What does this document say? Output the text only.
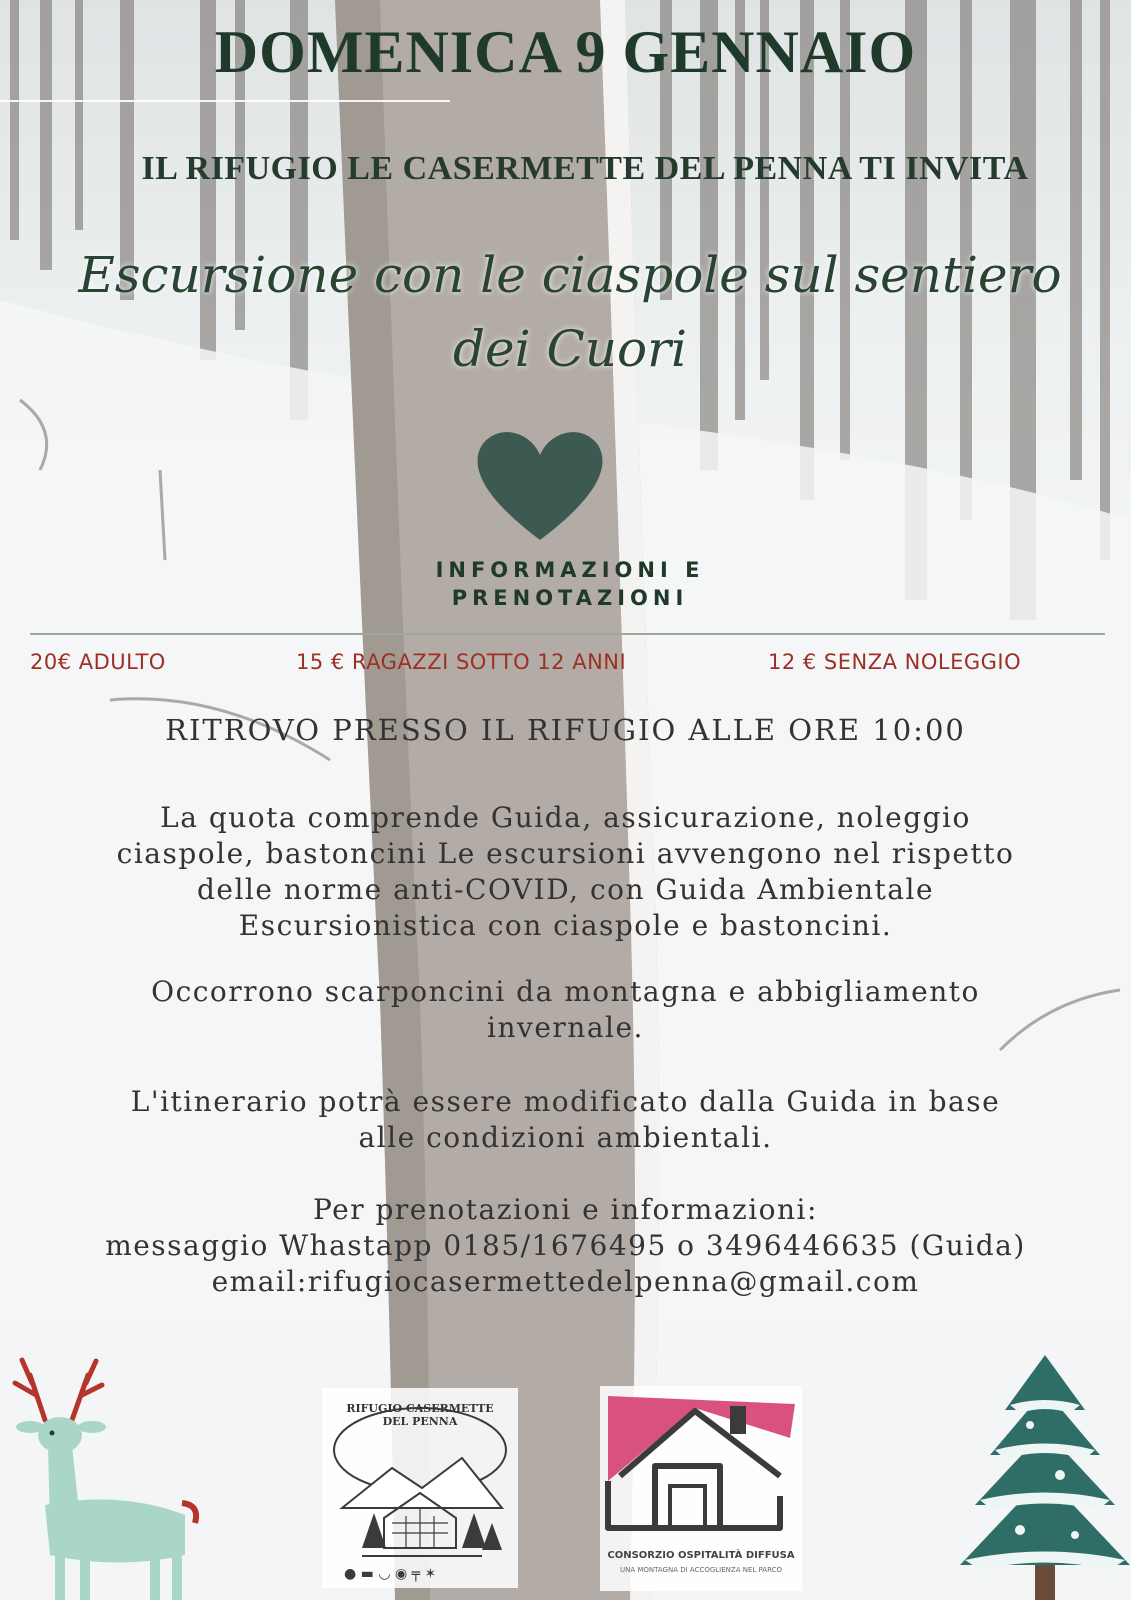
DOMENICA 9 GENNAIO
IL RIFUGIO LE CASERMETTE DEL PENNA TI INVITA
Escursione con le ciaspole sul sentiero
dei Cuori
INFORMAZIONI E
PRENOTAZIONI
20€ ADULTO	15 € RAGAZZI SOTTO 12 ANNI	12 € SENZA NOLEGGIO
RITROVO PRESSO IL RIFUGIO ALLE ORE 10:00
La quota comprende Guida, assicurazione, noleggio
ciaspole, bastoncini Le escursioni avvengono nel rispetto
delle norme anti-COVID, con Guida Ambientale
Escursionistica con ciaspole e bastoncini.
Occorrono scarponcini da montagna e abbigliamento
invernale.
L'itinerario potrà essere modificato dalla Guida in base
alle condizioni ambientali.
Per prenotazioni e informazioni:
messaggio Whastapp 0185/1676495 o 3496446635 (Guida)
email:rifugiocasermettedelpenna@gmail.com
● ▬ ◡ ◉ ╤ ✶
RIFUGIO CASERMETTE DEL PENNA
CONSORZIO OSPITALITÀ DIFFUSA
UNA MONTAGNA DI ACCOGLIENZA NEL PARCO
